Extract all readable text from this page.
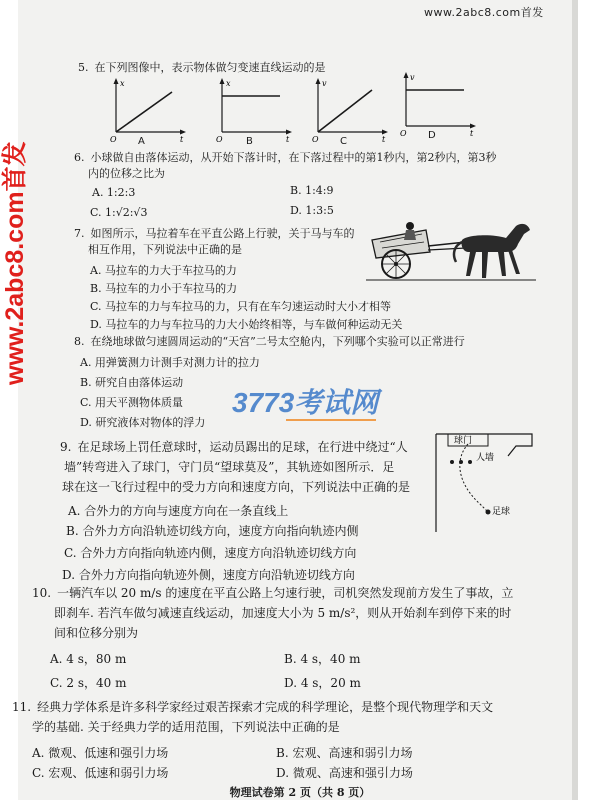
www.2abc8.com首发
www.2abc8.com首发
5. 在下列图像中，表示物体做匀变速直线运动的是
x
t
O
x
t
O
v
t
O
v
t
O
A	B	C
D
6. 小球做自由落体运动，从开始下落计时，在下落过程中的第1秒内，第2秒内，第3秒
内的位移之比为
A. 1:2:3	B. 1:4:9
C. 1:√2:√3	D. 1:3:5
7. 如图所示，马拉着车在平直公路上行驶，关于马与车的
相互作用，下列说法中正确的是
A. 马拉车的力大于车拉马的力
B. 马拉车的力小于车拉马的力
C. 马拉车的力与车拉马的力，只有在车匀速运动时大小才相等
D. 马拉车的力与车拉马的力大小始终相等，与车做何种运动无关
8. 在绕地球做匀速圆周运动的“天宫”二号太空舱内，下列哪个实验可以正常进行
A. 用弹簧测力计测手对测力计的拉力
B. 研究自由落体运动
C. 用天平测物体质量
D. 研究液体对物体的浮力
3773考试网
9. 在足球场上罚任意球时，运动员踢出的足球，在行进中绕过“人
墙”转弯进入了球门，守门员“望球莫及”，其轨迹如图所示．足
球在这一飞行过程中的受力方向和速度方向，下列说法中正确的是
A. 合外力的方向与速度方向在一条直线上
B. 合外力方向沿轨迹切线方向，速度方向指向轨迹内侧
C. 合外力方向指向轨迹内侧，速度方向沿轨迹切线方向
D. 合外力方向指向轨迹外侧，速度方向沿轨迹切线方向
球门
人墙
足球
10. 一辆汽车以 20 m/s 的速度在平直公路上匀速行驶，司机突然发现前方发生了事故，立
即刹车. 若汽车做匀减速直线运动，加速度大小为 5 m/s²，则从开始刹车到停下来的时
间和位移分别为
A. 4 s，80 m	B. 4 s，40 m
C. 2 s，40 m	D. 4 s，20 m
11. 经典力学体系是许多科学家经过艰苦探索才完成的科学理论，是整个现代物理学和天文
学的基础. 关于经典力学的适用范围，下列说法中正确的是
A. 微观、低速和强引力场	B. 宏观、高速和弱引力场
C. 宏观、低速和弱引力场	D. 微观、高速和强引力场
物理试卷第 2 页（共 8 页）
